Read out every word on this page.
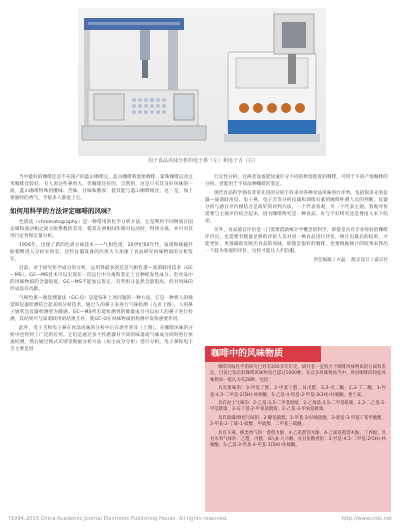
用于食品风味分析的电子鼻（左）和电子舌（右）

当中最好的咖啡还是不买国产的蓝山咖啡豆，蓝山咖啡和混厘咖啡，霍珠咖啡以及豆米咖啡比较好，有人说这些鼻用大，但咖啡还好的，自然的，这是只有其及好风味的一面，蓝山咖啡特殊的酸味、苦味、甘味和醇厚，使其能与蓝山咖啡相比，这一是，加上很独特的香气，令很多人都爱上它。

如何用科学的方法评定咖啡的风味？

色谱法（chromatography）是一种常用的化学分析方法，它是利用不同物质在固定相和流动相之间分配系数的差异，使其在两相间作相对运动时，得到分离，并可对其进行定性和定量分析。

1956年，出现了新的色谱分离技术——气相色谱，20世纪60年代，质谱和核磁共振相继进入分析实验室，这些仪器设备的应用大大加速了食品研究风味物质的分析鉴定。

目前，对于研究化学成分的分析，运用得最多的还是气相色谱—质谱联用技术（GC—MS）。GC—MS技术可以实现在一次运行中分离和鉴定上百种挥发性成分。但食品中的风味物质的含量很低，GC—MS不能加以鉴定，有些组分虽然含量很高，但对风味的形成没有贡献。

气相色谱—嗅觉测量法（GC-O）是能弥补上述问题的一种方法。它是一种将人的嗅觉和仪器检测结合起来的分析技术，通过人的鼻子来进行气味检测（左页上图），人的鼻子通常比仪器检测更为敏感。GC—MS所未能检测到的微量成分可以由人的鼻子进行检测，其结果可与质谱联用的结果互补，使GC-O在风味物质的检测中发挥重要作用。

此外，电子舌和电子鼻在食品风味的分析中正在逐步普及（上图），在咖啡风味的分析中也得到了广泛的应用。它们是通过多个传感器对不同的味道或气味成分同时进行快速检测，然后通过模式识别等数据分析方法（如主成分分析）进行分析。电子鼻和电子舌主要是进

行定性分析，这两者设备能快速区分不同的烘焙程度的咖啡，可用于不同产地咖啡的分析，但能用于不同品种咖啡的鉴定。

现代食品科学拥有非常先进的分析手段来对各种食品风味进行评判。包括很多先进仪器—质谱联用仪、电子鼻、电子舌等分析仪器和训练有素的咖啡杯测人员的判断。仪器分析与感官评价相结合是最好的评判方法，一个代表客观，另一个代表主观。客观评价需要与主观评价结合起来，因为咖啡终究是一种食品，好与不好终究还是要由人来下结论。

另外，食品感官评价是一门需要借助统计学概念的科学，即使是具有专业经验的咖啡评价员，也需要有数量足够的评价人员对同一种食品进行评价，统计出最后的结果，才能更好、更准确的反映出食品的风味，即使是很好的咖啡，也要根据统计的结果来得出一个较为客观的评价，这样才能让人们信服。

责任编辑 / 方晶 版式设计 / 戚宗社
咖啡中的风味物质

咖啡风味化学的研究已经有200多年历史，研究者一直致力于咖啡风味物质的分离和鉴定，目前已鉴定的咖啡风味物质已超过1000种，在众多风味物质当中，烘焙咖啡的特征风味物质一般认为有28种，包括：

具有甜味的：3-甲基丁醛、2-甲基丁醛、异戊醛、2,3-戊二酮、2,3-丁二酮、3-羟基-4,5-二甲基-2(5H)-呋喃酮、5-乙基-4-羟基-2-甲基-3(2H)-呋喃酮、香兰素。

具有泥土气味的：2-乙基-3,5-二甲基吡嗪、2-乙烯基-3,5-二甲基吡嗪、2,3-二乙基-5-甲基吡嗪、3-异丁基-2-甲氧基吡嗪、2-乙基-3-甲氧基吡嗪。

具有硫磺/烘焙气味的：2-糠基硫醇、2-甲基-3-呋喃硫醇、3-巯基-3-甲基丁基甲酸酯、3-甲基-2-丁烯-1-硫醇、甲硫醇、二甲基三硫醚。

具有辛辣、酚类香气的：愈创木酚、4-乙基愈创木酚、4-乙烯基愈创木酚、丁香酚。具有水果气味的：乙醛、丙醛、(E)-β-大马酮。具有焦糖香的：3-羟基-4,5-二甲基-2(5H)-呋喃酮、5-乙基-3-羟基-4-甲基-2(5H)-呋喃酮。

?1994-2015 China Academic Journal Electronic Publishing House. All rights reserved.	http://www.cnki.net
